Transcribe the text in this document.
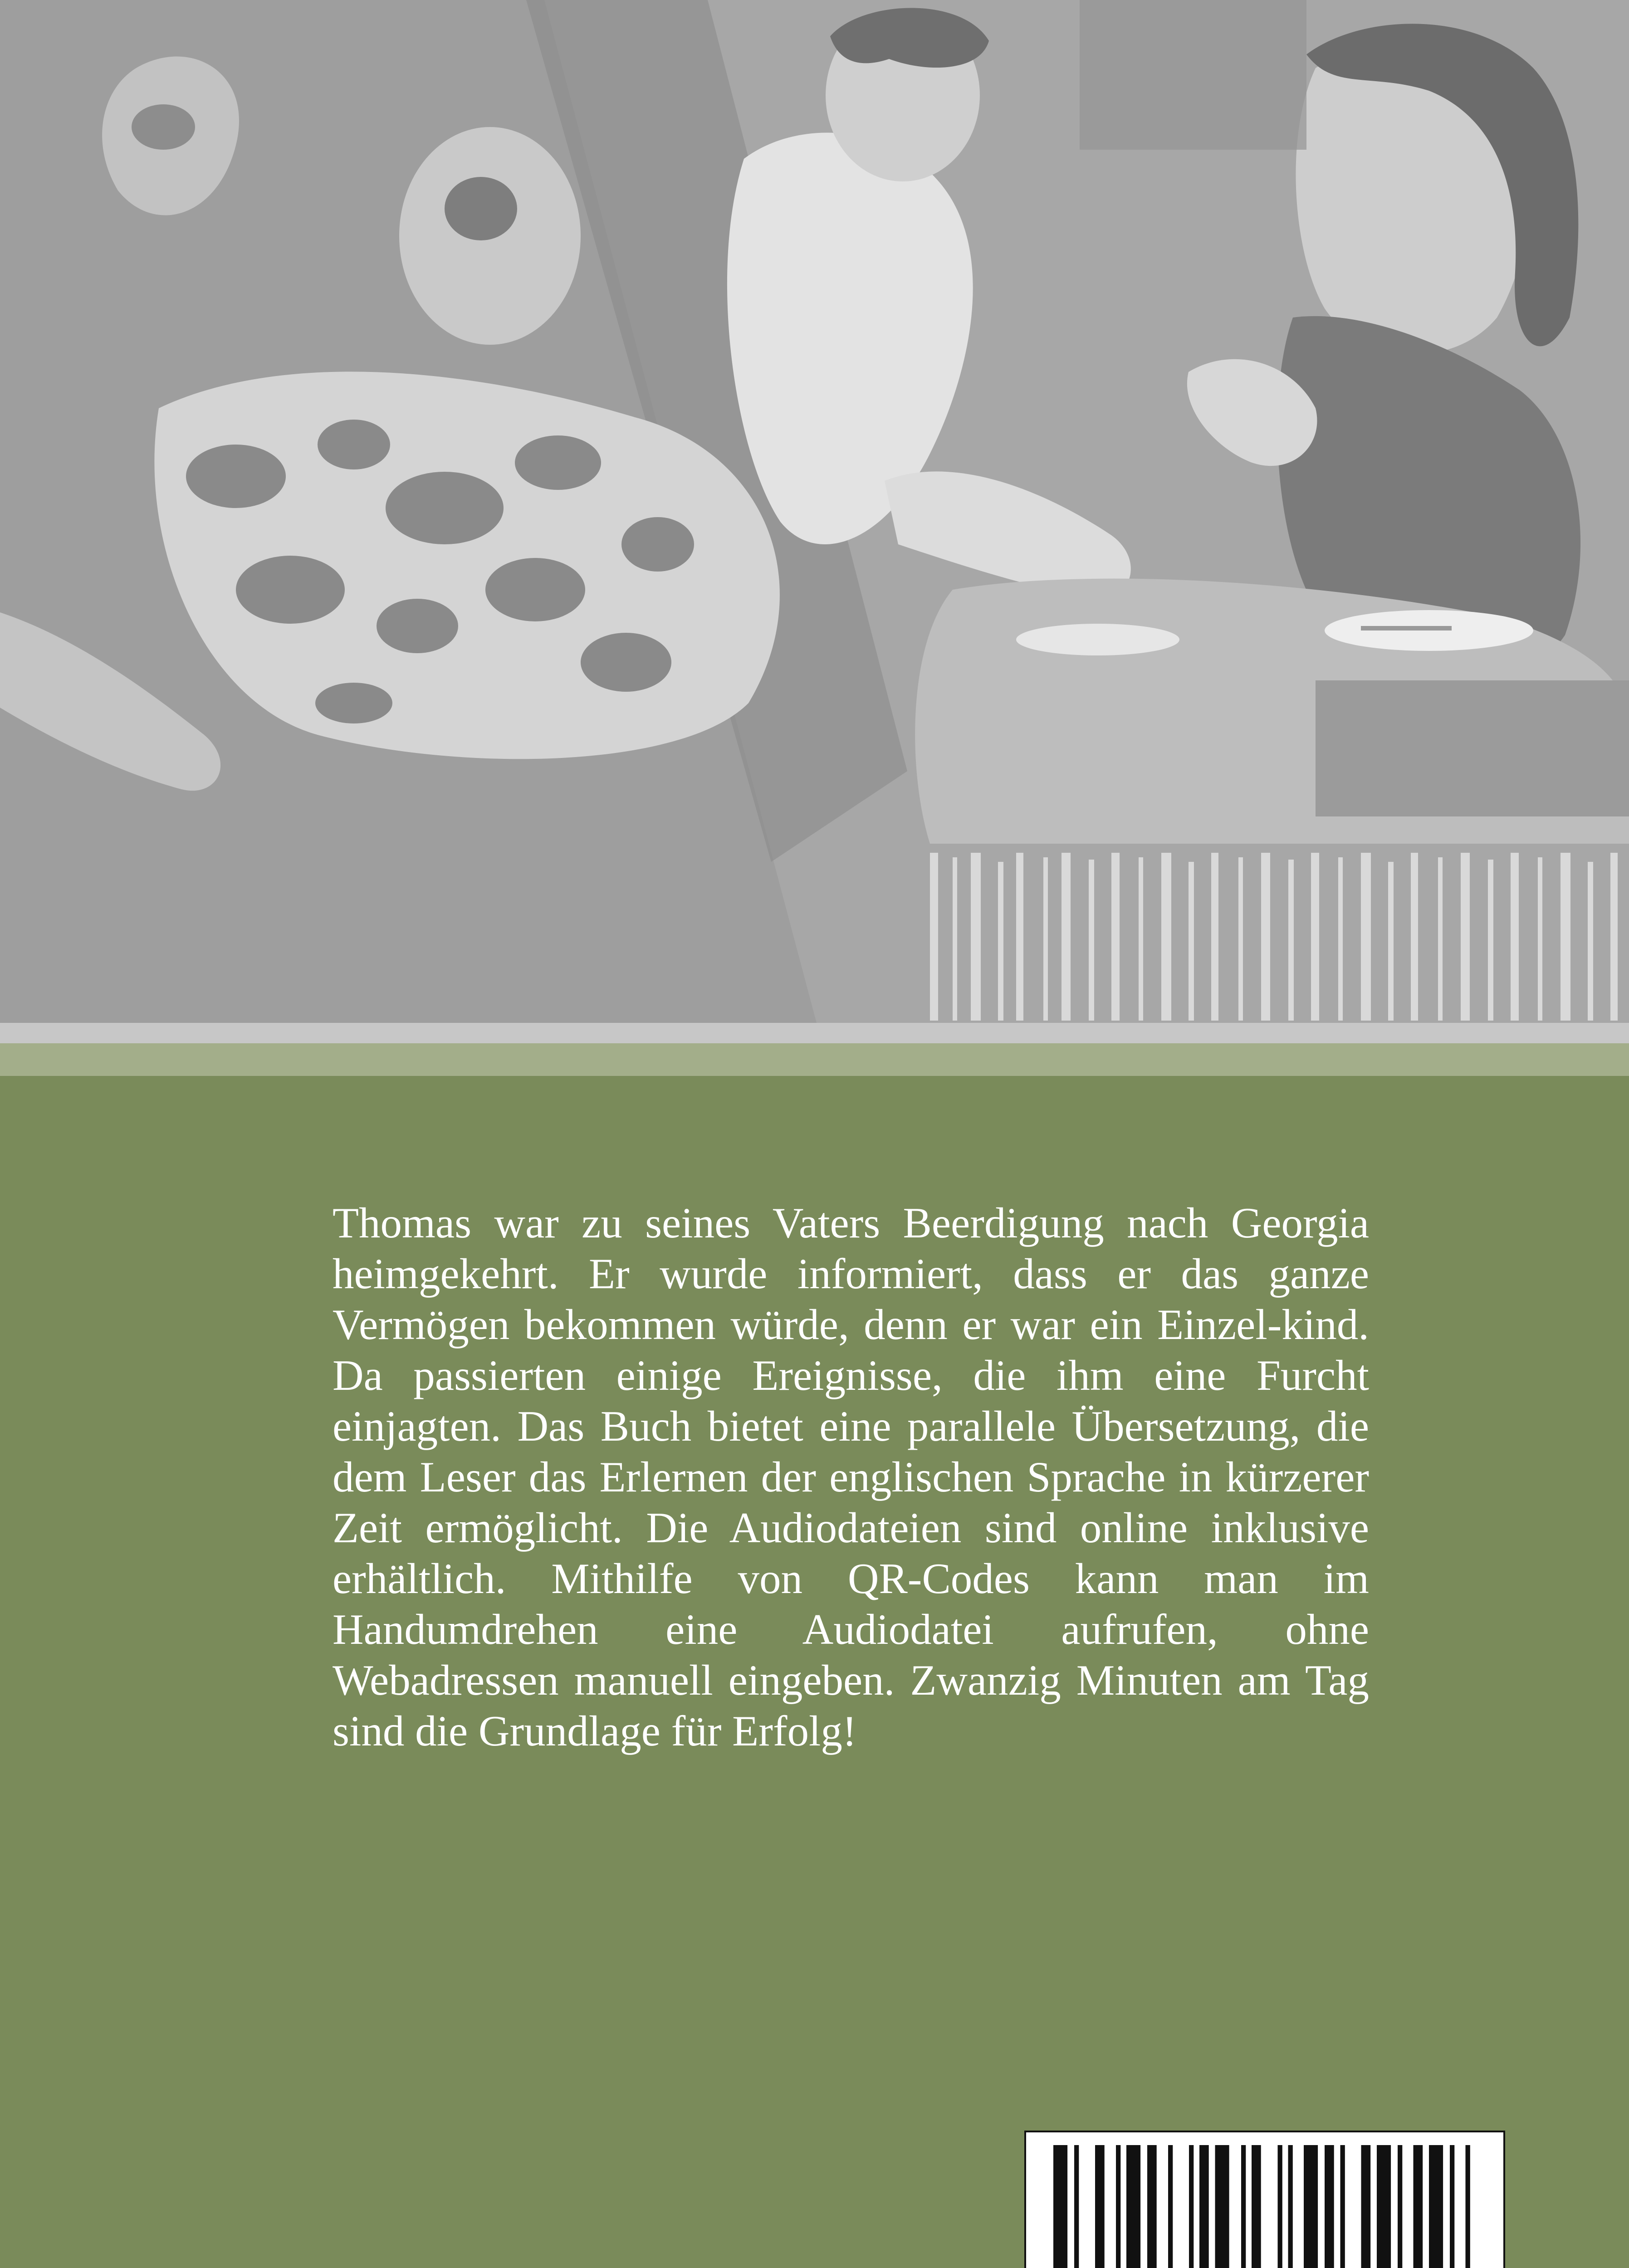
Thomas war zu seines Vaters Beerdigung nach Georgia heimgekehrt. Er wurde informiert, dass er das ganze Vermögen bekommen würde, denn er war ein Einzel-kind. Da passierten einige Ereignisse, die ihm eine Furcht einjagten. Das Buch bietet eine parallele Übersetzung, die dem Leser das Erlernen der englischen Sprache in kürzerer Zeit ermöglicht. Die Audiodateien sind online inklusive erhältlich. Mithilfe von QR-Codes kann man im Handumdrehen eine Audiodatei aufrufen, ohne Webadressen manuell eingeben. Zwanzig Minuten am Tag sind die Grundlage für Erfolg!
